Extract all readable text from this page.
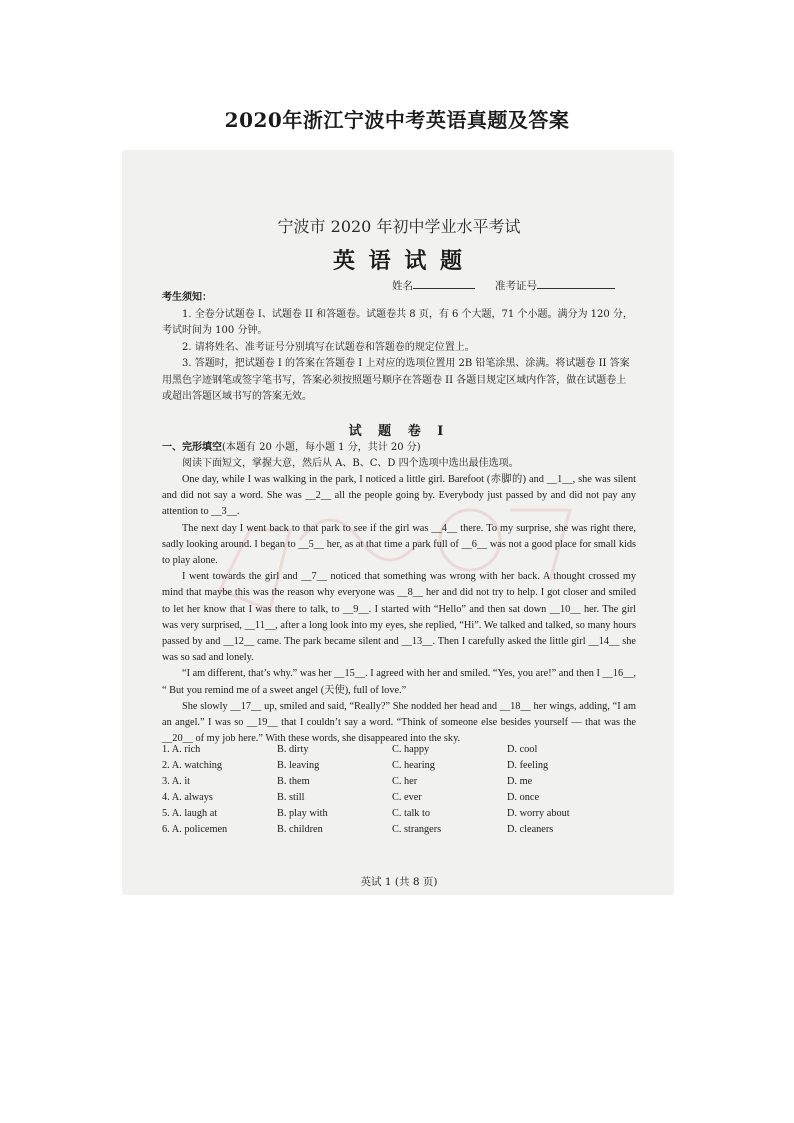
2020年浙江宁波中考英语真题及答案
宁波市 2020 年初中学业水平考试
英 语 试 题
姓名	准考证号

考生须知：

1. 全卷分试题卷 I、试题卷 II 和答题卷。试题卷共 8 页，有 6 个大题，71 个小题。满分为 120 分，考试时间为 100 分钟。

2. 请将姓名、准考证号分别填写在试题卷和答题卷的规定位置上。

3. 答题时，把试题卷 I 的答案在答题卷 I 上对应的选项位置用 2B 铅笔涂黑、涂满。将试题卷 II 答案用黑色字迹钢笔或签字笔书写，答案必须按照题号顺序在答题卷 II 各题目规定区域内作答，做在试题卷上或超出答题区域书写的答案无效。

试 题 卷 I

一、完形填空(本题有 20 小题，每小题 1 分，共计 20 分)

阅读下面短文，掌握大意，然后从 A、B、C、D 四个选项中选出最佳选项。

One day, while I was walking in the park, I noticed a little girl. Barefoot (赤脚的) and __1__, she was silent and did not say a word. She was __2__ all the people going by. Everybody just passed by and did not pay any attention to __3__.

The next day I went back to that park to see if the girl was __4__ there. To my surprise, she was right there, sadly looking around. I began to __5__ her, as at that time a park full of __6__ was not a good place for small kids to play alone.

I went towards the girl and __7__ noticed that something was wrong with her back. A thought crossed my mind that maybe this was the reason why everyone was __8__ her and did not try to help. I got closer and smiled to let her know that I was there to talk, to __9__. I started with “Hello” and then sat down __10__ her. The girl was very surprised, __11__, after a long look into my eyes, she replied, “Hi”. We talked and talked, so many hours passed by and __12__ came. The park became silent and __13__. Then I carefully asked the little girl __14__ she was so sad and lonely.

“I am different, that’s why.” was her __15__. I agreed with her and smiled. “Yes, you are!” and then I __16__, “ But you remind me of a sweet angel (天使), full of love.”

She slowly __17__ up, smiled and said, “Really?” She nodded her head and __18__ her wings, adding, “I am an angel.” I was so __19__ that I couldn’t say a word. “Think of someone else besides yourself — that was the __20__ of my job here.” With these words, she disappeared into the sky.

1. A. rich	B. dirty	C. happy	D. cool
2. A. watching	B. leaving	C. hearing	D. feeling
3. A. it	B. them	C. her	D. me
4. A. always	B. still	C. ever	D. once
5. A. laugh at	B. play with	C. talk to	D. worry about
6. A. policemen	B. children	C. strangers	D. cleaners
英试 1 (共 8 页)
